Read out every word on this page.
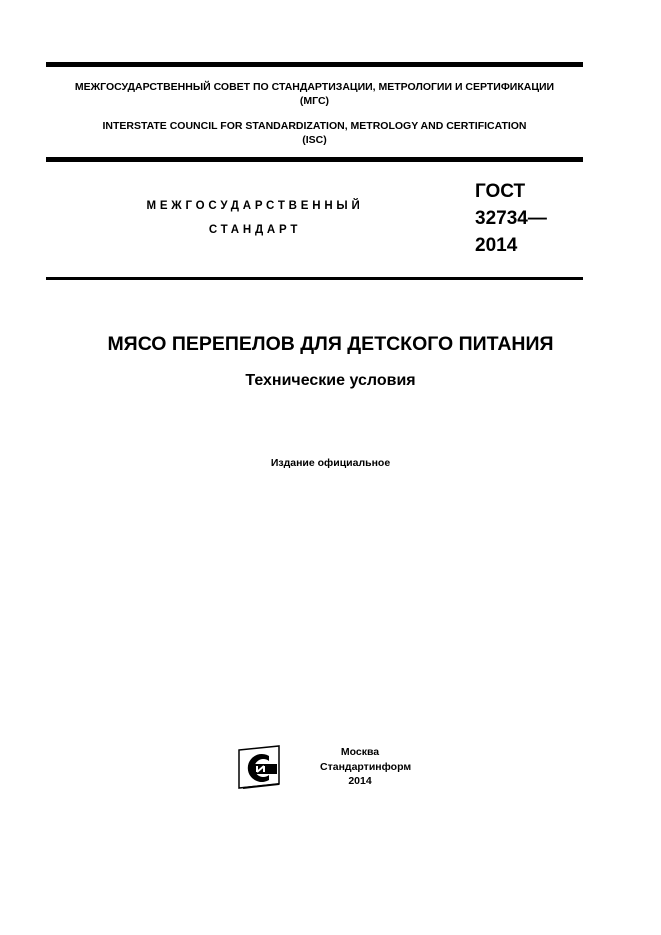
МЕЖГОСУДАРСТВЕННЫЙ СОВЕТ ПО СТАНДАРТИЗАЦИИ, МЕТРОЛОГИИ И СЕРТИФИКАЦИИ
(МГС)
INTERSTATE COUNCIL FOR STANDARDIZATION, METROLOGY AND CERTIFICATION
(ISC)
МЕЖГОСУДАРСТВЕННЫЙ
СТАНДАРТ
ГОСТ
32734—
2014
МЯСО ПЕРЕПЕЛОВ ДЛЯ ДЕТСКОГО ПИТАНИЯ
Технические условия
Издание официальное
Москва
Стандартинформ
2014
